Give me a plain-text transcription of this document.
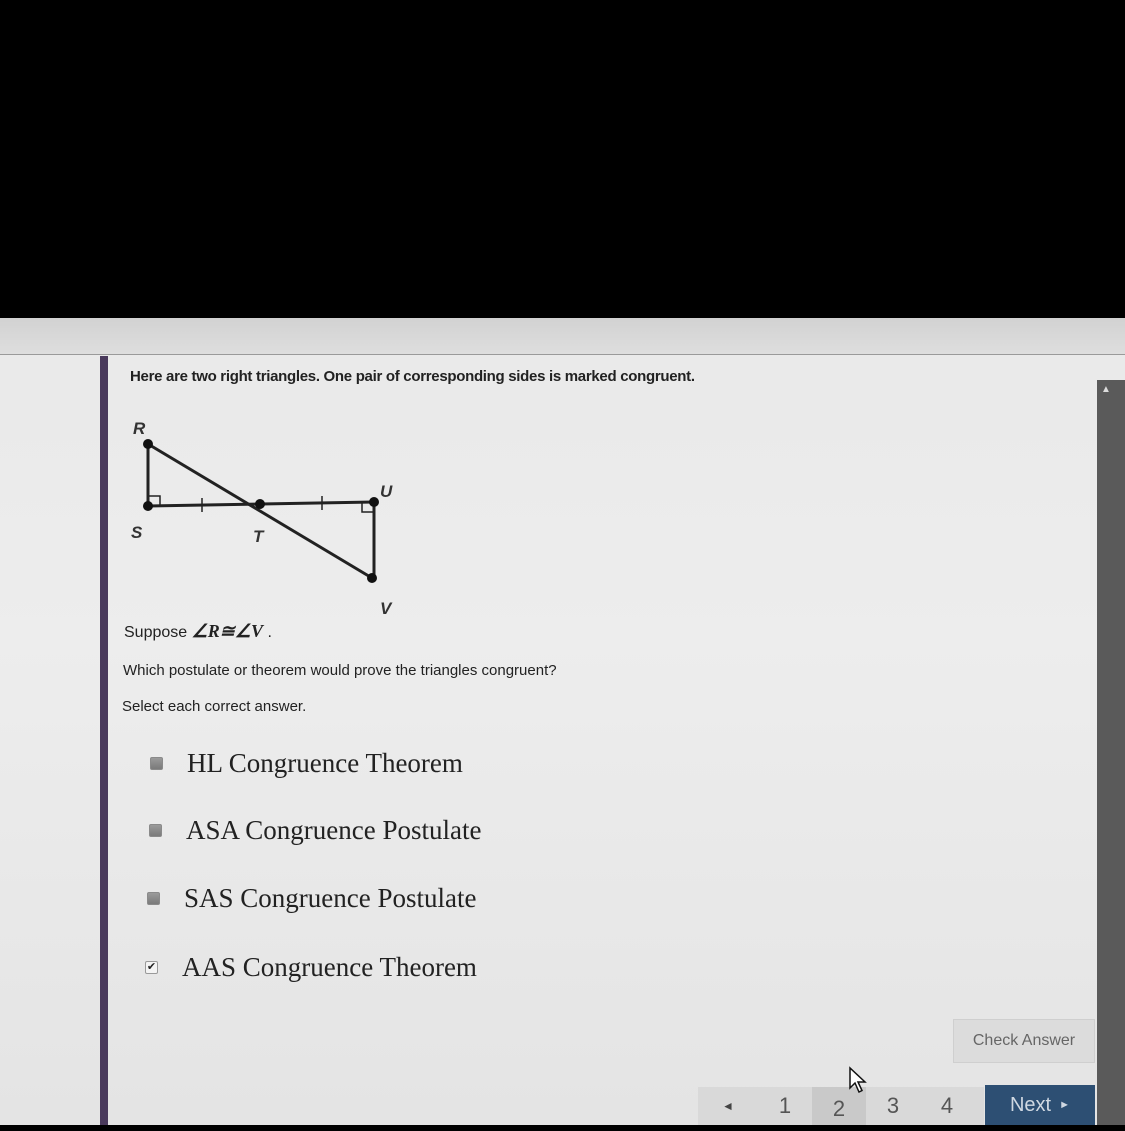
▲
Here are two right triangles. One pair of corresponding sides is marked congruent.
R
S	T
U
V
Suppose ∠R≅∠V .
Which postulate or theorem would prove the triangles congruent?
Select each correct answer.
HL Congruence Theorem
ASA Congruence Postulate
SAS Congruence Postulate
✔ AAS Congruence Theorem
Check Answer
◄	1	2	3	4	Next ►
